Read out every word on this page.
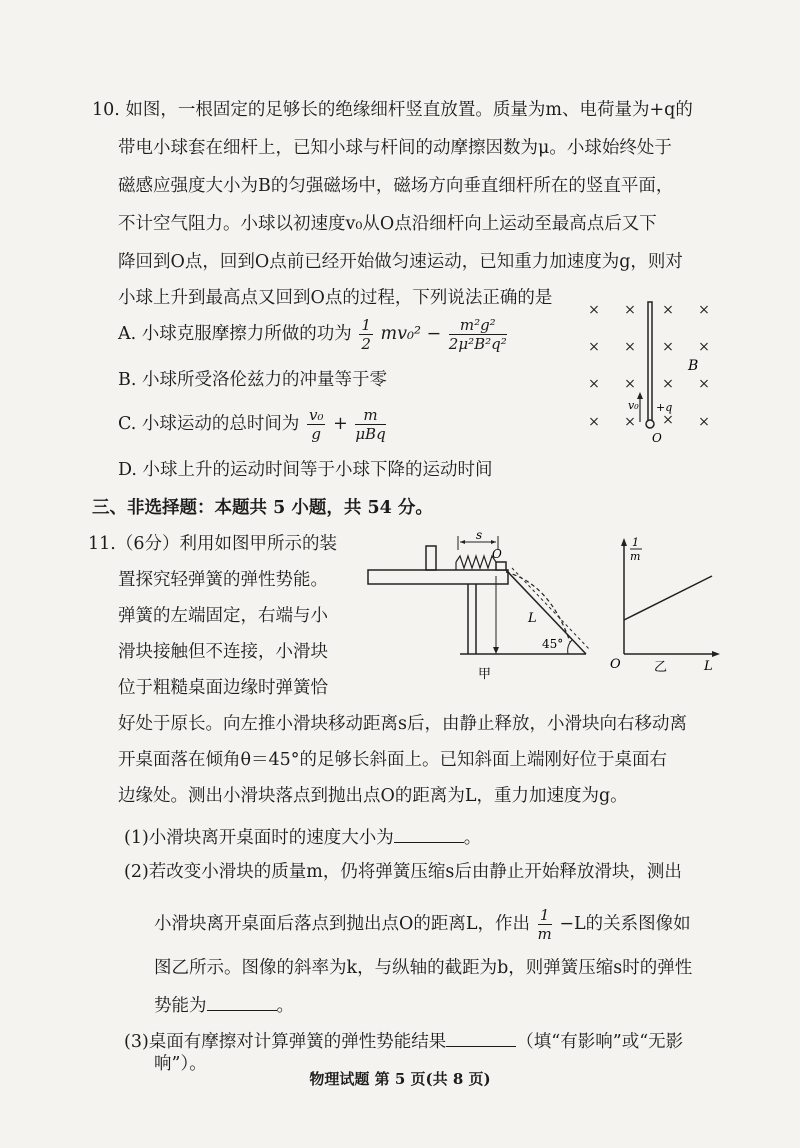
10. 如图，一根固定的足够长的绝缘细杆竖直放置。质量为m、电荷量为+q的
带电小球套在细杆上，已知小球与杆间的动摩擦因数为μ。小球始终处于
磁感应强度大小为B的匀强磁场中，磁场方向垂直细杆所在的竖直平面，
不计空气阻力。小球以初速度v₀从O点沿细杆向上运动至最高点后又下
降回到O点，回到O点前已经开始做匀速运动，已知重力加速度为g，则对
小球上升到最高点又回到O点的过程，下列说法正确的是
A. 小球克服摩擦力所做的功为 $\frac{1}{2} mv_0^2 - \frac{\text{m²g²}}{\text{2μ²B²q²}}$
B. 小球所受洛伦兹力的冲量等于零
C. 小球运动的总时间为 $\frac{\text{v₀}}{g} + \frac{m}{\text{μBq}}$
D. 小球上升的运动时间等于小球下降的运动时间
× × × ×
× × × ×
× × × ×
× × × ×
v₀ +q
B
O
三、非选择题：本题共 5 小题，共 54 分。
11.（6分）利用如图甲所示的装
置探究轻弹簧的弹性势能。
弹簧的左端固定，右端与小
滑块接触但不连接，小滑块
位于粗糙桌面边缘时弹簧恰
好处于原长。向左推小滑块移动距离s后，由静止释放，小滑块向右移动离
开桌面落在倾角θ＝45°的足够长斜面上。已知斜面上端刚好位于桌面右
边缘处。测出小滑块落点到抛出点O的距离为L，重力加速度为g。
(1)小滑块离开桌面时的速度大小为	。
(2)若改变小滑块的质量m，仍将弹簧压缩s后由静止开始释放滑块，测出
小滑块离开桌面后落点到抛出点O的距离L，作出 $\frac{1}{m} -L$的关系图像如
图乙所示。图像的斜率为k，与纵轴的截距为b，则弹簧压缩s时的弹性
势能为	。
(3)桌面有摩擦对计算弹簧的弹性势能结果	（填“有影响”或“无影
响”）。
s
O
L
45°
甲
1
m
O	乙	L
物理试题 第 5 页(共 8 页)
